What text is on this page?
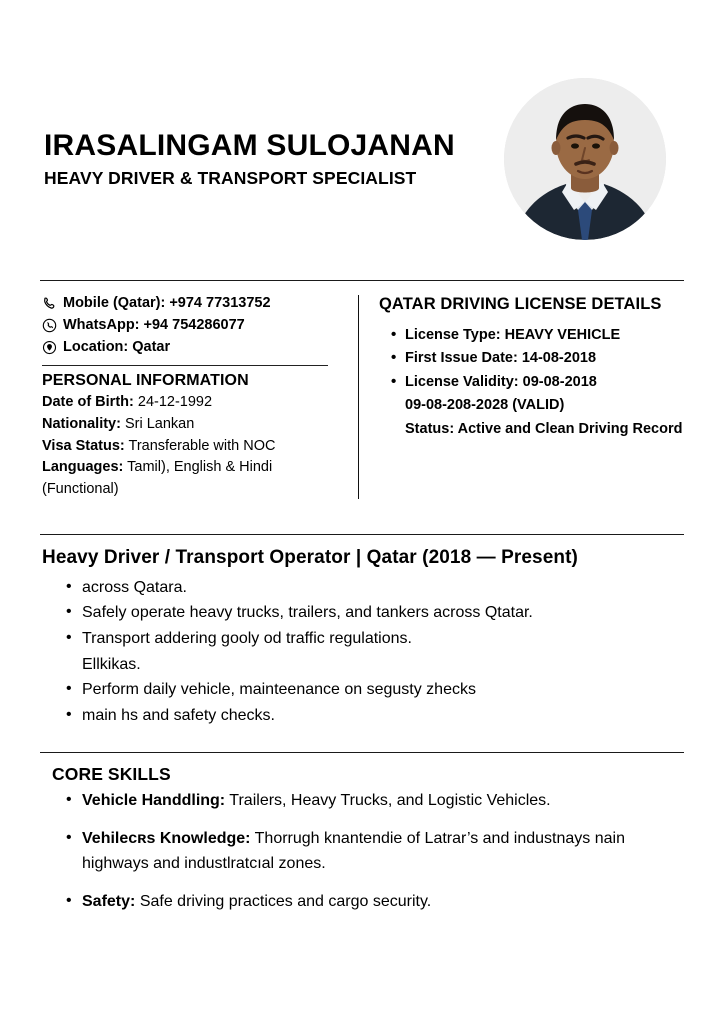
IRASALINGAM SULOJANAN
HEAVY DRIVER & TRANSPORT SPECIALIST
Mobile (Qatar): +974 77313752
WhatsApp: +94 754286077
Location: Qatar
PERSONAL INFORMATION
Date of Birth: 24-12-1992
Nationality: Sri Lankan
Visa Status: Transferable with NOC
Languages: Tamil), English & Hindi (Functional)
QATAR DRIVING LICENSE DETAILS
• License Type: HEAVY VEHICLE
• First Issue Date: 14-08-2018
• License Validity: 09-08-2018
09-08-208-2028 (VALID)
Status: Active and Clean Driving Record
Heavy Driver / Transport Operator | Qatar (2018 — Present)
• across Qatara.
• Safely operate heavy trucks, trailers, and tankers across Qtatar.
• Transport addering gooly od traffic regulations.
Ellkikas.
• Perform daily vehicle, mainteenance on segusty zhecks
• main hs and safety checks.
CORE SKILLS
• Vehicle Handdling: Trailers, Heavy Trucks, and Logistic Vehicles.
• Vehilecʀs Knowledge: Thorrugh knantendie of Latrar’s and industnays nain highways and industlratcıal zones.
• Safety: Safe driving practices and cargo security.
